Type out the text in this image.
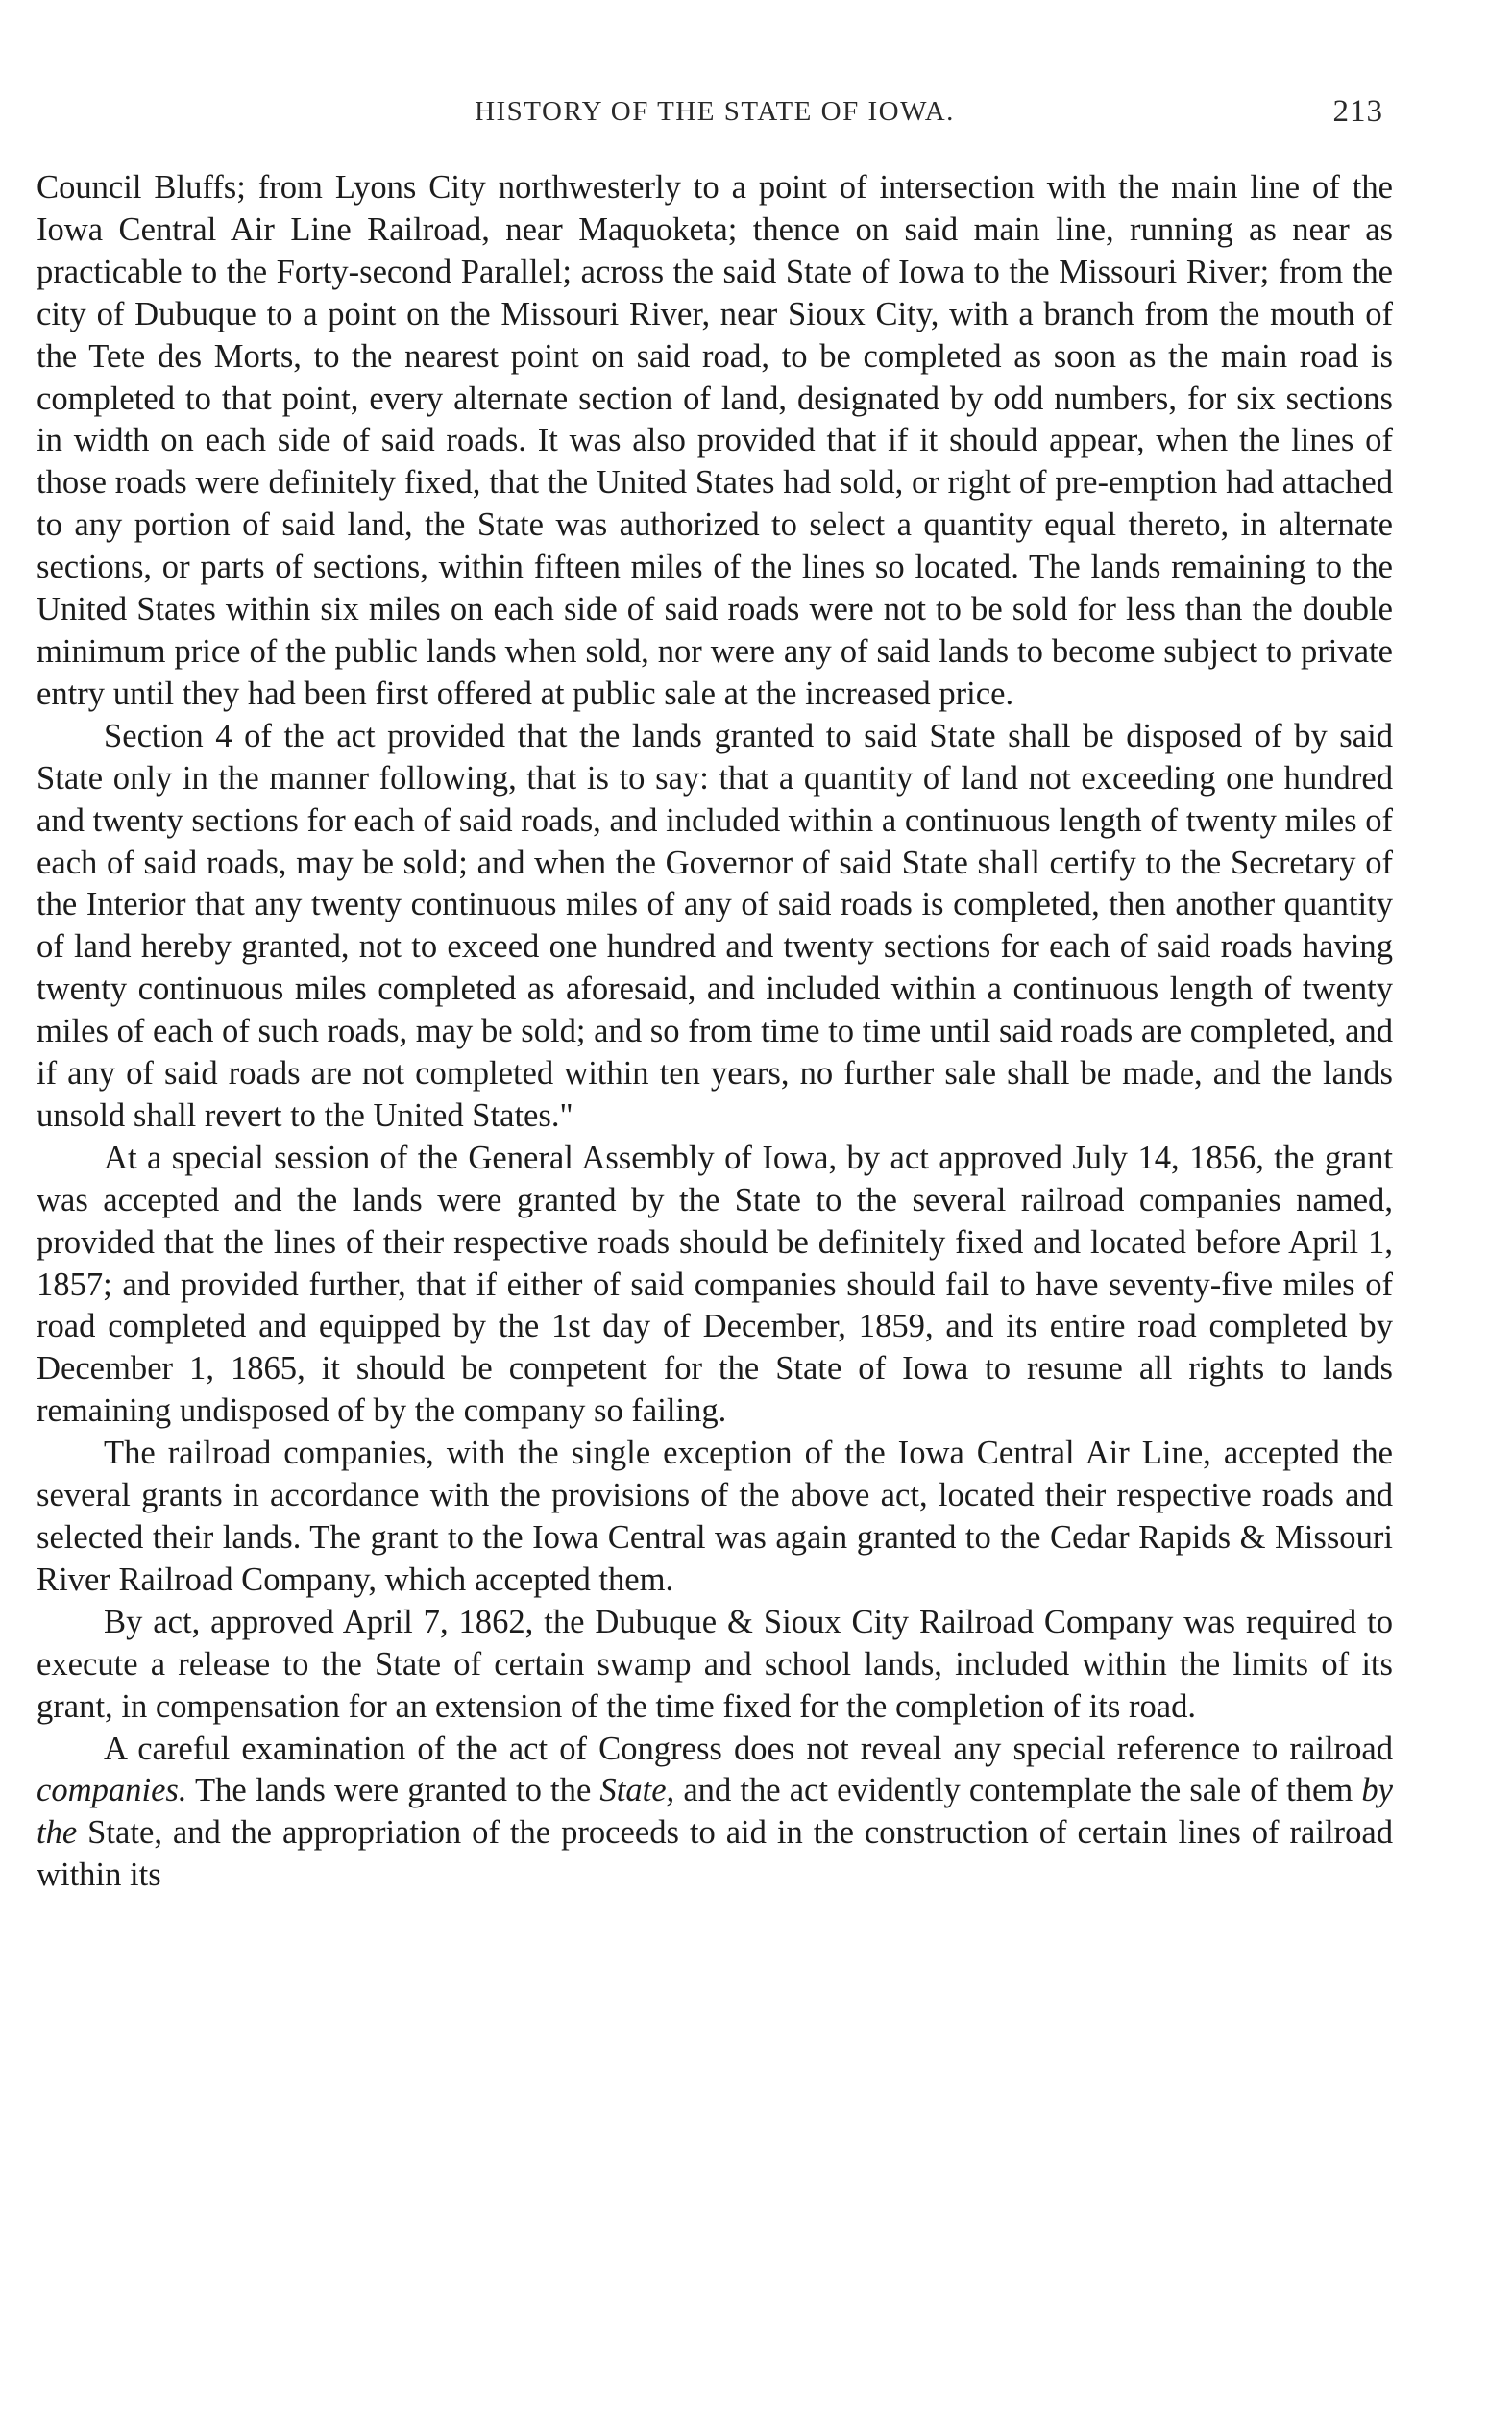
HISTORY OF THE STATE OF IOWA.	213

Council Bluffs; from Lyons City northwesterly to a point of intersection with the main line of the Iowa Central Air Line Railroad, near Maquoketa; thence on said main line, running as near as practicable to the Forty-second Parallel; across the said State of Iowa to the Missouri River; from the city of Dubuque to a point on the Missouri River, near Sioux City, with a branch from the mouth of the Tete des Morts, to the nearest point on said road, to be completed as soon as the main road is completed to that point, every alternate section of land, designated by odd numbers, for six sections in width on each side of said roads. It was also provided that if it should appear, when the lines of those roads were definitely fixed, that the United States had sold, or right of pre-emption had attached to any portion of said land, the State was authorized to select a quantity equal thereto, in alternate sections, or parts of sections, within fifteen miles of the lines so located. The lands remaining to the United States within six miles on each side of said roads were not to be sold for less than the double minimum price of the public lands when sold, nor were any of said lands to become subject to private entry until they had been first offered at public sale at the increased price.

Section 4 of the act provided that the lands granted to said State shall be disposed of by said State only in the manner following, that is to say: that a quantity of land not exceeding one hundred and twenty sections for each of said roads, and included within a continuous length of twenty miles of each of said roads, may be sold; and when the Governor of said State shall certify to the Secretary of the Interior that any twenty continuous miles of any of said roads is completed, then another quantity of land hereby granted, not to exceed one hundred and twenty sections for each of said roads having twenty continuous miles completed as aforesaid, and included within a continuous length of twenty miles of each of such roads, may be sold; and so from time to time until said roads are completed, and if any of said roads are not completed within ten years, no further sale shall be made, and the lands unsold shall revert to the United States."

At a special session of the General Assembly of Iowa, by act approved July 14, 1856, the grant was accepted and the lands were granted by the State to the several railroad companies named, provided that the lines of their respective roads should be definitely fixed and located before April 1, 1857; and provided further, that if either of said companies should fail to have seventy-five miles of road completed and equipped by the 1st day of December, 1859, and its entire road completed by December 1, 1865, it should be competent for the State of Iowa to resume all rights to lands remaining undisposed of by the company so failing.

The railroad companies, with the single exception of the Iowa Central Air Line, accepted the several grants in accordance with the provisions of the above act, located their respective roads and selected their lands. The grant to the Iowa Central was again granted to the Cedar Rapids & Missouri River Railroad Company, which accepted them.

By act, approved April 7, 1862, the Dubuque & Sioux City Railroad Company was required to execute a release to the State of certain swamp and school lands, included within the limits of its grant, in compensation for an extension of the time fixed for the completion of its road.

A careful examination of the act of Congress does not reveal any special reference to railroad companies. The lands were granted to the State, and the act evidently contemplate the sale of them by the State, and the appropriation of the proceeds to aid in the construction of certain lines of railroad within its
